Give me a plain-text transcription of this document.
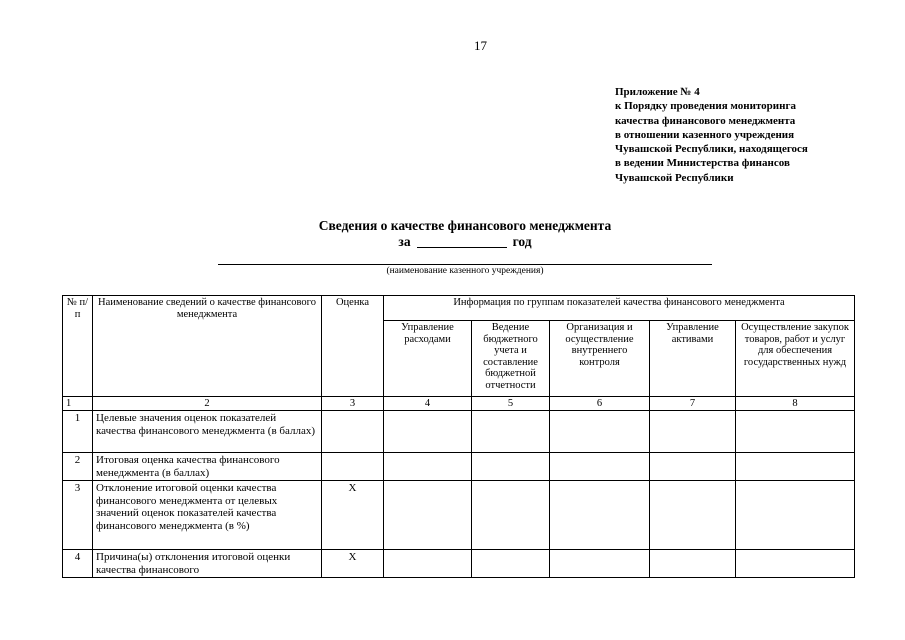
17
Приложение № 4
к Порядку проведения мониторинга
качества финансового менеджмента
в отношении казенного учреждения
Чувашской Республики, находящегося
в ведении Министерства финансов
Чувашской Республики
Сведения о качестве финансового менеджмента
за	год
(наименование казенного учреждения)
№ п/п	Наименование сведений о качестве финансового менеджмента	Оценка	Информация по группам показателей качества финансового менеджмента				
			Управление расходами	Ведение бюджетного учета и составление бюджетной отчетности	Организация и осуществление внутреннего контроля	Управление активами	Осуществление закупок товаров, работ и услуг для обеспечения государственных нужд
1	2	3	4	5	6	7	8
1	Целевые значения оценок показателей качества финансового менеджмента (в баллах)						
2	Итоговая оценка качества финансового менеджмента (в баллах)						
3	Отклонение итоговой оценки качества финансового менеджмента от целевых значений оценок показателей качества финансового менеджмента (в %)	X					
4	Причина(ы) отклонения итоговой оценки качества финансового	X					
